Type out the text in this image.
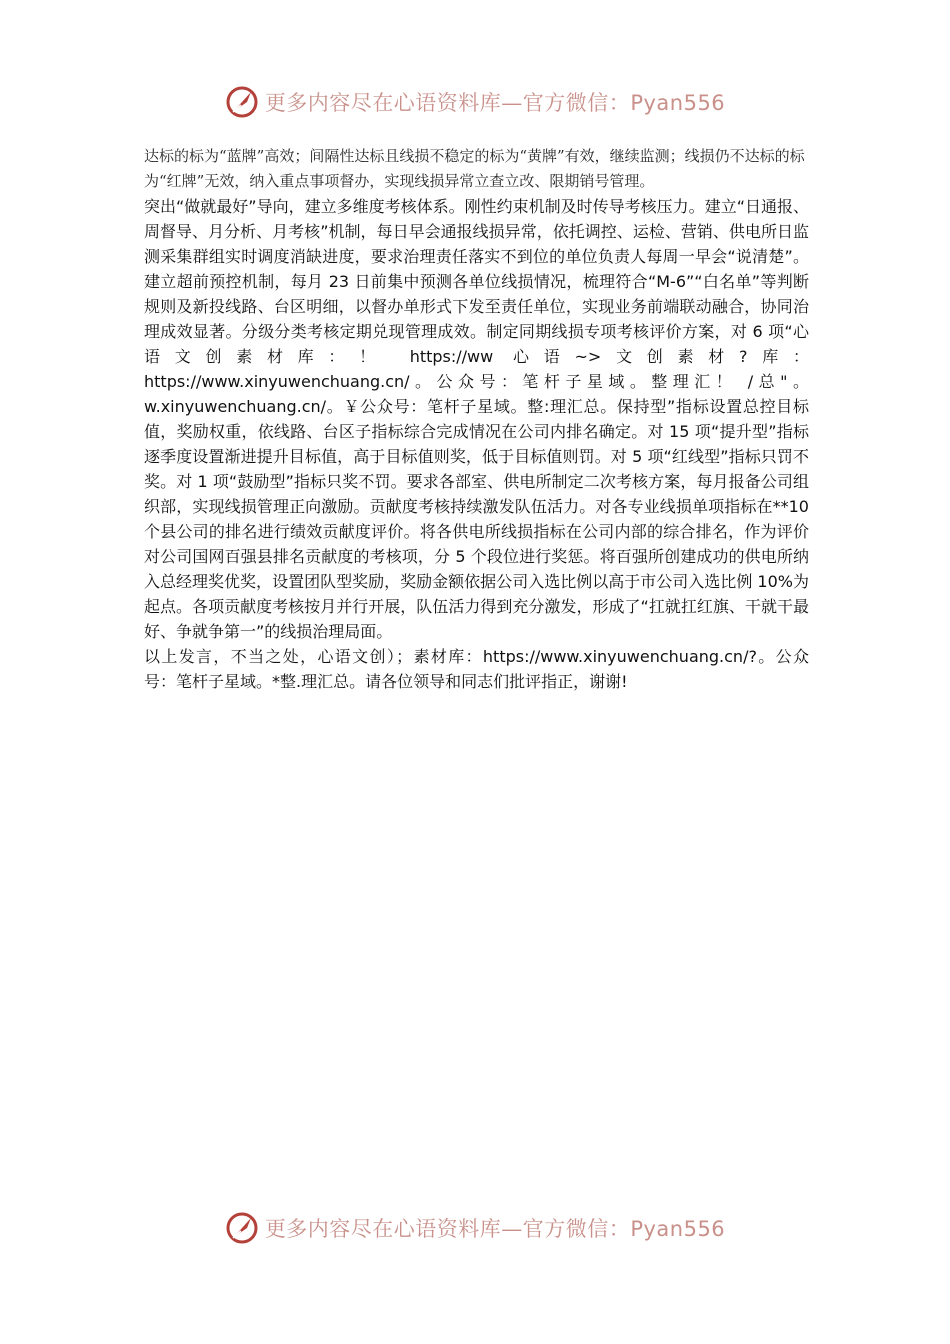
更多内容尽在心语资料库—官方微信：Pyan556

达标的标为“蓝牌”高效；间隔性达标且线损不稳定的标为“黄牌”有效，继续监测；线损仍不达标的标为“红牌”无效，纳入重点事项督办，实现线损异常立查立改、限期销号管理。

突出“做就最好”导向，建立多维度考核体系。刚性约束机制及时传导考核压力。建立“日通报、周督导、月分析、月考核”机制，每日早会通报线损异常，依托调控、运检、营销、供电所日监测采集群组实时调度消缺进度，要求治理责任落实不到位的单位负责人每周一早会“说清楚”。建立超前预控机制，每月 23 日前集中预测各单位线损情况，梳理符合“M-6”“白名单”等判断规则及新投线路、台区明细，以督办单形式下发至责任单位，实现业务前端联动融合，协同治理成效显著。分级分类考核定期兑现管理成效。制定同期线损专项考核评价方案，对 6 项“心语文创素材库：！ https://ww 心语~>文创素材?库： https://www.xinyuwenchuang.cn/。公众号：笔杆子星域。整理汇！ /总"。w.xinyuwenchuang.cn/。￥公众号：笔杆子星域。整:理汇总。保持型”指标设置总控目标值，奖励权重，依线路、台区子指标综合完成情况在公司内排名确定。对 15 项“提升型”指标逐季度设置渐进提升目标值，高于目标值则奖，低于目标值则罚。对 5 项“红线型”指标只罚不奖。对 1 项“鼓励型”指标只奖不罚。要求各部室、供电所制定二次考核方案，每月报备公司组织部，实现线损管理正向激励。贡献度考核持续激发队伍活力。对各专业线损单项指标在**10 个县公司的排名进行绩效贡献度评价。将各供电所线损指标在公司内部的综合排名，作为评价对公司国网百强县排名贡献度的考核项，分 5 个段位进行奖惩。将百强所创建成功的供电所纳入总经理奖优奖，设置团队型奖励，奖励金额依据公司入选比例以高于市公司入选比例 10%为起点。各项贡献度考核按月并行开展，队伍活力得到充分激发，形成了“扛就扛红旗、干就干最好、争就争第一”的线损治理局面。

以上发言，不当之处，心语文创）；素材库：https://www.xinyuwenchuang.cn/?。公众号：笔杆子星域。*整.理汇总。请各位领导和同志们批评指正，谢谢!

更多内容尽在心语资料库—官方微信：Pyan556
